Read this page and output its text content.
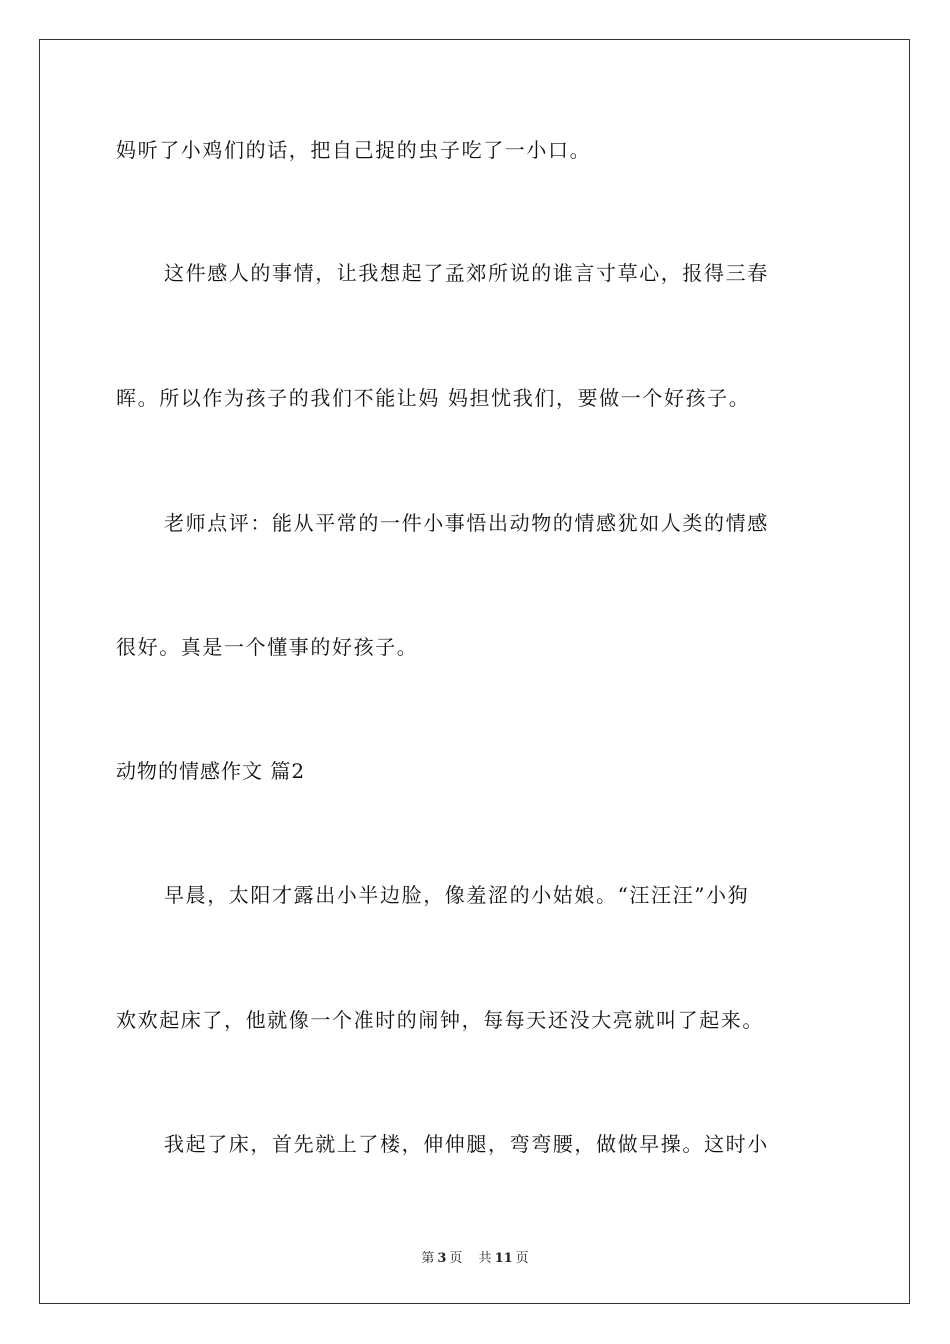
妈听了小鸡们的话，把自己捉的虫子吃了一小口。
这件感人的事情，让我想起了孟郊所说的谁言寸草心，报得三春
晖。所以作为孩子的我们不能让妈 妈担忧我们，要做一个好孩子。
老师点评：能从平常的一件小事悟出动物的情感犹如人类的情感
很好。真是一个懂事的好孩子。
动物的情感作文 篇2
早晨，太阳才露出小半边脸，像羞涩的小姑娘。“汪汪汪”小狗
欢欢起床了，他就像一个准时的闹钟，每每天还没大亮就叫了起来。
我起了床，首先就上了楼，伸伸腿，弯弯腰，做做早操。这时小
第 3 页 共 11 页
